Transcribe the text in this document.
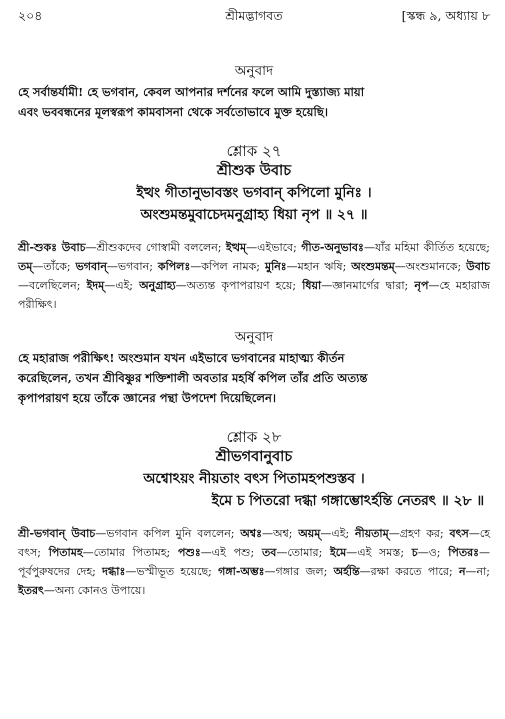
২০৪	শ্রীমদ্ভাগবত	[স্কন্ধ ৯, অধ্যায় ৮
অনুবাদ
হে সর্বান্তর্যামী! হে ভগবান, কেবল আপনার দর্শনের ফলে আমি দুস্ত্যাজ্য মায়া
এবং ভববন্ধনের মূলস্বরূপ কামবাসনা থেকে সর্বতোভাবে মুক্ত হয়েছি।
শ্লোক ২৭
শ্রীশুক উবাচ
ইত্থং গীতানুভাবস্তং ভগবান্ কপিলো মুনিঃ ।
অংশুমন্তমুবাচেদমনুগ্রাহ্য ধিয়া নৃপ ॥ ২৭ ॥
শ্রী-শুকঃ উবাচ—শ্রীশুকদেব গোস্বামী বললেন; ইত্থম্—এইভাবে; গীত-অনুভাবঃ—যাঁর মহিমা কীর্তিত হয়েছে; তম্—তাঁকে; ভগবান্—ভগবান; কপিলঃ—কপিল নামক; মুনিঃ—মহান ঋষি; অংশুমন্তম্—অংশুমানকে; উবাচ—বলেছিলেন; ইদম্—এই; অনুগ্রাহ্য—অত্যন্ত কৃপাপরায়ণ হয়ে; ধিয়া—জ্ঞানমার্গের দ্বারা; নৃপ—হে মহারাজ পরীক্ষিৎ।
অনুবাদ
হে মহারাজ পরীক্ষিৎ! অংশুমান যখন এইভাবে ভগবানের মাহাত্ম্য কীর্তন
করেছিলেন, তখন শ্রীবিষ্ণুর শক্তিশালী অবতার মহর্ষি কপিল তাঁর প্রতি অত্যন্ত
কৃপাপরায়ণ হয়ে তাঁকে জ্ঞানের পন্থা উপদেশ দিয়েছিলেন।
শ্লোক ২৮
শ্রীভগবানুবাচ
অশ্বোঽয়ং নীয়তাং বৎস পিতামহপশুস্তব ।
ইমে চ পিতরো দগ্ধা গঙ্গাম্ভোঽর্হন্তি নেতরৎ ॥ ২৮ ॥
শ্রী-ভগবান্ উবাচ—ভগবান কপিল মুনি বললেন; অশ্বঃ—অশ্ব; অয়ম্—এই; নীয়তাম্—গ্রহণ কর; বৎস—হে বৎস; পিতামহ—তোমার পিতামহ; পশুঃ—এই পশু; তব—তোমার; ইমে—এই সমস্ত; চ—ও; পিতরঃ—পূর্বপুরুষদের দেহ; দগ্ধাঃ—ভস্মীভূত হয়েছে; গঙ্গা-অম্ভঃ—গঙ্গার জল; অর্হন্তি—রক্ষা করতে পারে; ন—না; ইতরৎ—অন্য কোনও উপায়ে।
